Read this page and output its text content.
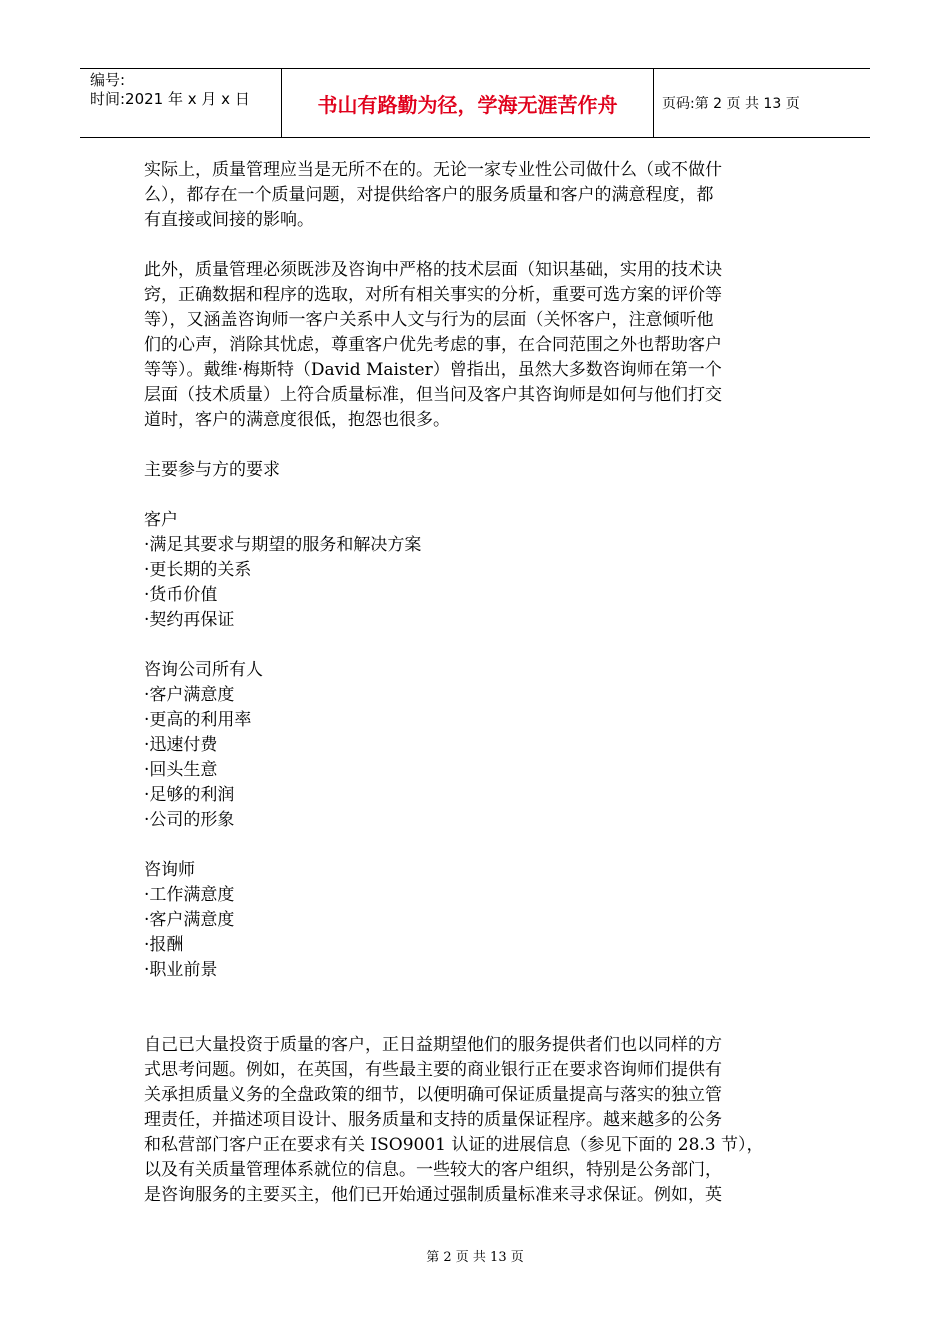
编号:
时间:2021 年 x 月 x 日	书山有路勤为径，学海无涯苦作舟	页码:第 2 页 共 13 页
实际上，质量管理应当是无所不在的。无论一家专业性公司做什么（或不做什
么），都存在一个质量问题，对提供给客户的服务质量和客户的满意程度，都
有直接或间接的影响。
此外，质量管理必须既涉及咨询中严格的技术层面（知识基础，实用的技术诀
窍，正确数据和程序的选取，对所有相关事实的分析，重要可选方案的评价等
等），又涵盖咨询师一客户关系中人文与行为的层面（关怀客户，注意倾听他
们的心声，消除其忧虑，尊重客户优先考虑的事，在合同范围之外也帮助客户
等等）。戴维·梅斯特（David Maister）曾指出，虽然大多数咨询师在第一个
层面（技术质量）上符合质量标准，但当问及客户其咨询师是如何与他们打交
道时，客户的满意度很低，抱怨也很多。
主要参与方的要求
客户
·满足其要求与期望的服务和解决方案
·更长期的关系
·货币价值
·契约再保证
咨询公司所有人
·客户满意度
·更高的利用率
·迅速付费
·回头生意
·足够的利润
·公司的形象
咨询师
·工作满意度
·客户满意度
·报酬
·职业前景
自己已大量投资于质量的客户，正日益期望他们的服务提供者们也以同样的方
式思考问题。例如，在英国，有些最主要的商业银行正在要求咨询师们提供有
关承担质量义务的全盘政策的细节，以便明确可保证质量提高与落实的独立管
理责任，并描述项目设计、服务质量和支持的质量保证程序。越来越多的公务
和私营部门客户正在要求有关 ISO9001 认证的进展信息（参见下面的 28.3 节），
以及有关质量管理体系就位的信息。一些较大的客户组织，特别是公务部门，
是咨询服务的主要买主，他们已开始通过强制质量标准来寻求保证。例如，英
第 2 页 共 13 页
